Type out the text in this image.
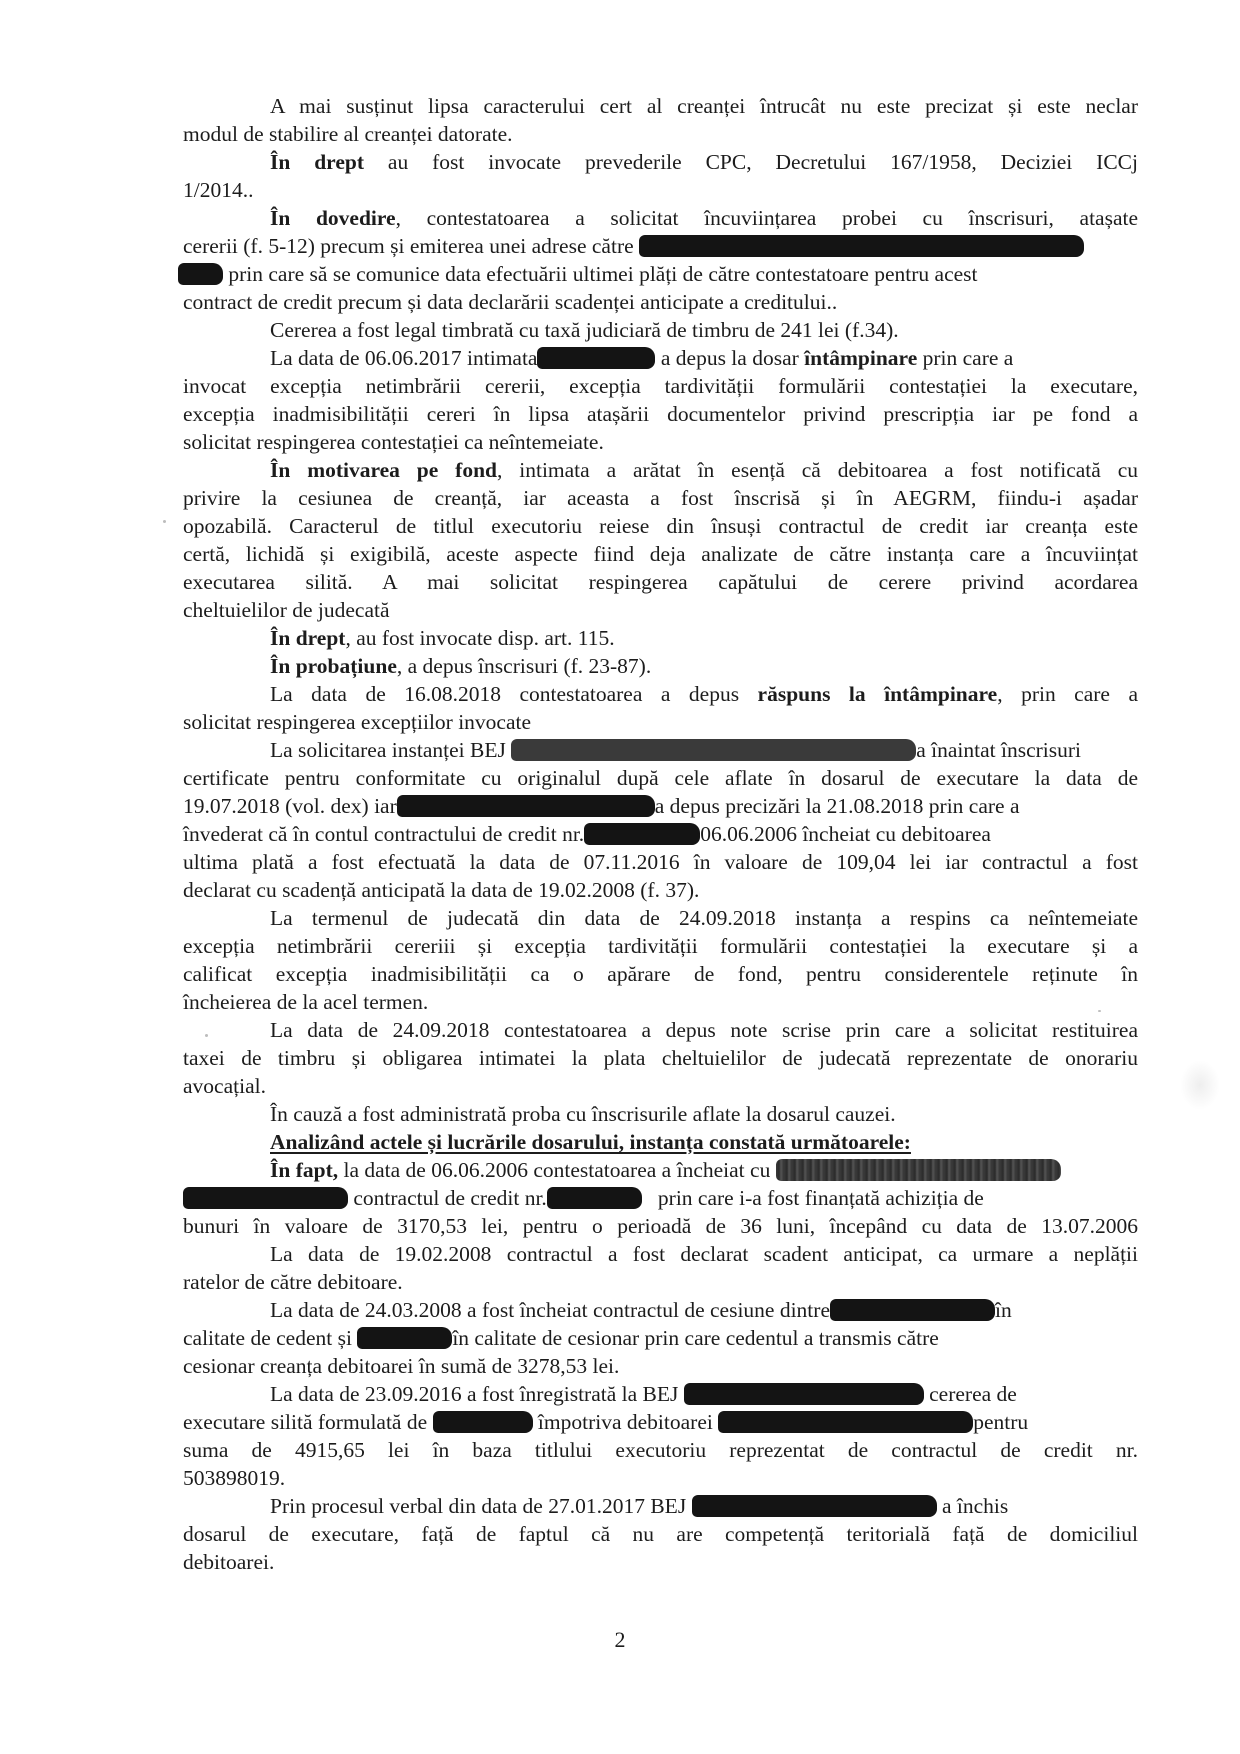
A mai susținut lipsa caracterului cert al creanței întrucât nu este precizat și este neclar
modul de stabilire al creanței datorate.
În drept au fost invocate prevederile CPC, Decretului 167/1958, Deciziei ICCj
1/2014..
În dovedire, contestatoarea a solicitat încuviințarea probei cu înscrisuri, atașate
cererii (f. 5-12) precum și emiterea unei adrese către
prin care să se comunice data efectuării ultimei plăți de către contestatoare pentru acest
contract de credit precum și data declarării scadenței anticipate a creditului..
Cererea a fost legal timbrată cu taxă judiciară de timbru de 241 lei (f.34).
La data de 06.06.2017 intimata	a depus la dosar întâmpinare prin care a
invocat excepția netimbrării cererii, excepția tardivității formulării contestației la executare,
excepția inadmisibilității cereri în lipsa atașării documentelor privind prescripția iar pe fond a
solicitat respingerea contestației ca neîntemeiate.
În motivarea pe fond, intimata a arătat în esență că debitoarea a fost notificată cu
privire la cesiunea de creanță, iar aceasta a fost înscrisă și în AEGRM, fiindu-i așadar
opozabilă. Caracterul de titlul executoriu reiese din însuși contractul de credit iar creanța este
certă, lichidă și exigibilă, aceste aspecte fiind deja analizate de către instanța care a încuviințat
executarea silită. A mai solicitat respingerea capătului de cerere privind acordarea
cheltuielilor de judecată
În drept, au fost invocate disp. art. 115.
În probațiune, a depus înscrisuri (f. 23-87).
La data de 16.08.2018 contestatoarea a depus răspuns la întâmpinare, prin care a
solicitat respingerea excepțiilor invocate
La solicitarea instanței BEJ	a înaintat înscrisuri
certificate pentru conformitate cu originalul după cele aflate în dosarul de executare la data de
19.07.2018 (vol. dex) iar	a depus precizări la 21.08.2018 prin care a
învederat că în contul contractului de credit nr.	06.06.2006 încheiat cu debitoarea
ultima plată a fost efectuată la data de 07.11.2016 în valoare de 109,04 lei iar contractul a fost
declarat cu scadență anticipată la data de 19.02.2008 (f. 37).
La termenul de judecată din data de 24.09.2018 instanța a respins ca neîntemeiate
excepția netimbrării cereriii și excepția tardivității formulării contestației la executare și a
calificat excepția inadmisibilității ca o apărare de fond, pentru considerentele reținute în
încheierea de la acel termen.
La data de 24.09.2018 contestatoarea a depus note scrise prin care a solicitat restituirea
taxei de timbru și obligarea intimatei la plata cheltuielilor de judecată reprezentate de onorariu
avocațial.
În cauză a fost administrată proba cu înscrisurile aflate la dosarul cauzei.
Analizând actele și lucrările dosarului, instanța constată următoarele:
În fapt, la data de 06.06.2006 contestatoarea a încheiat cu
contractul de credit nr.	prin care i-a fost finanțată achiziția de
bunuri în valoare de 3170,53 lei, pentru o perioadă de 36 luni, începând cu data de 13.07.2006
La data de 19.02.2008 contractul a fost declarat scadent anticipat, ca urmare a neplății
ratelor de către debitoare.
La data de 24.03.2008 a fost încheiat contractul de cesiune dintre	în
calitate de cedent și	în calitate de cesionar prin care cedentul a transmis către
cesionar creanța debitoarei în sumă de 3278,53 lei.
La data de 23.09.2016 a fost înregistrată la BEJ	cererea de
executare silită formulată de	împotriva debitoarei	pentru
suma de 4915,65 lei în baza titlului executoriu reprezentat de contractul de credit nr.
503898019.
Prin procesul verbal din data de 27.01.2017 BEJ	a închis
dosarul de executare, față de faptul că nu are competență teritorială față de domiciliul
debitoarei.
2
